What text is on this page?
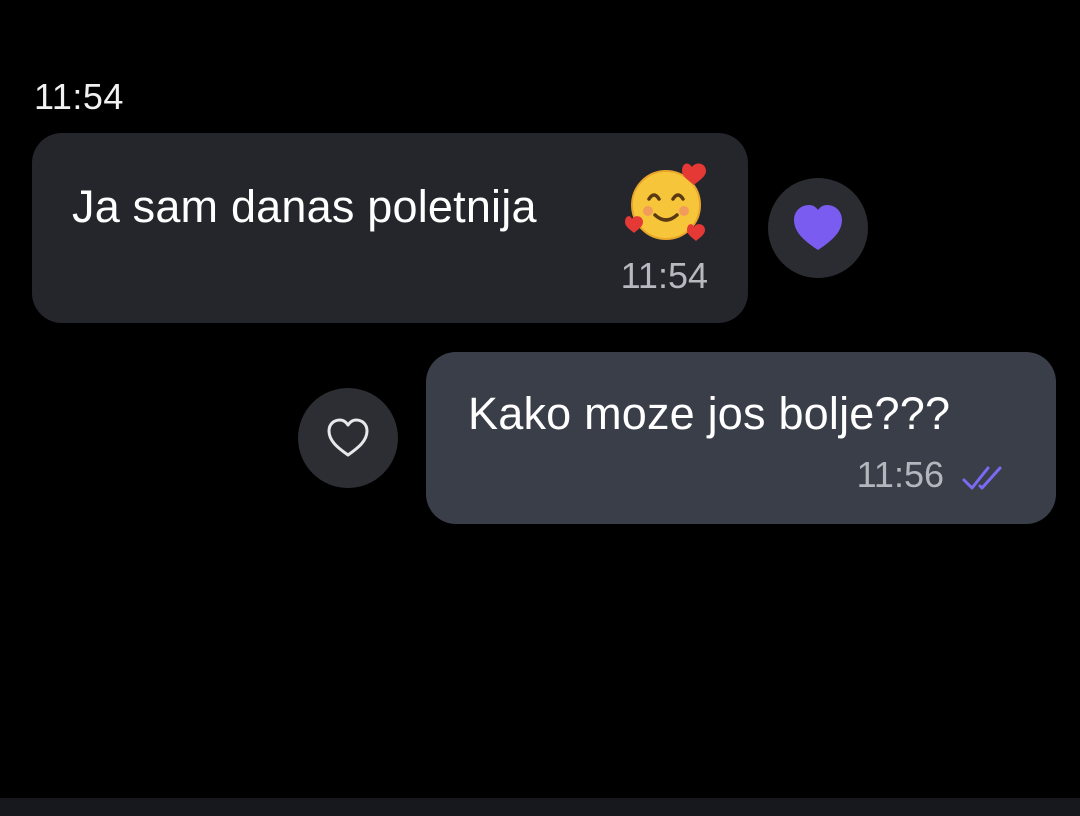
11:54
Ja sam danas poletnija
11:54
Kako moze jos bolje???
11:56
